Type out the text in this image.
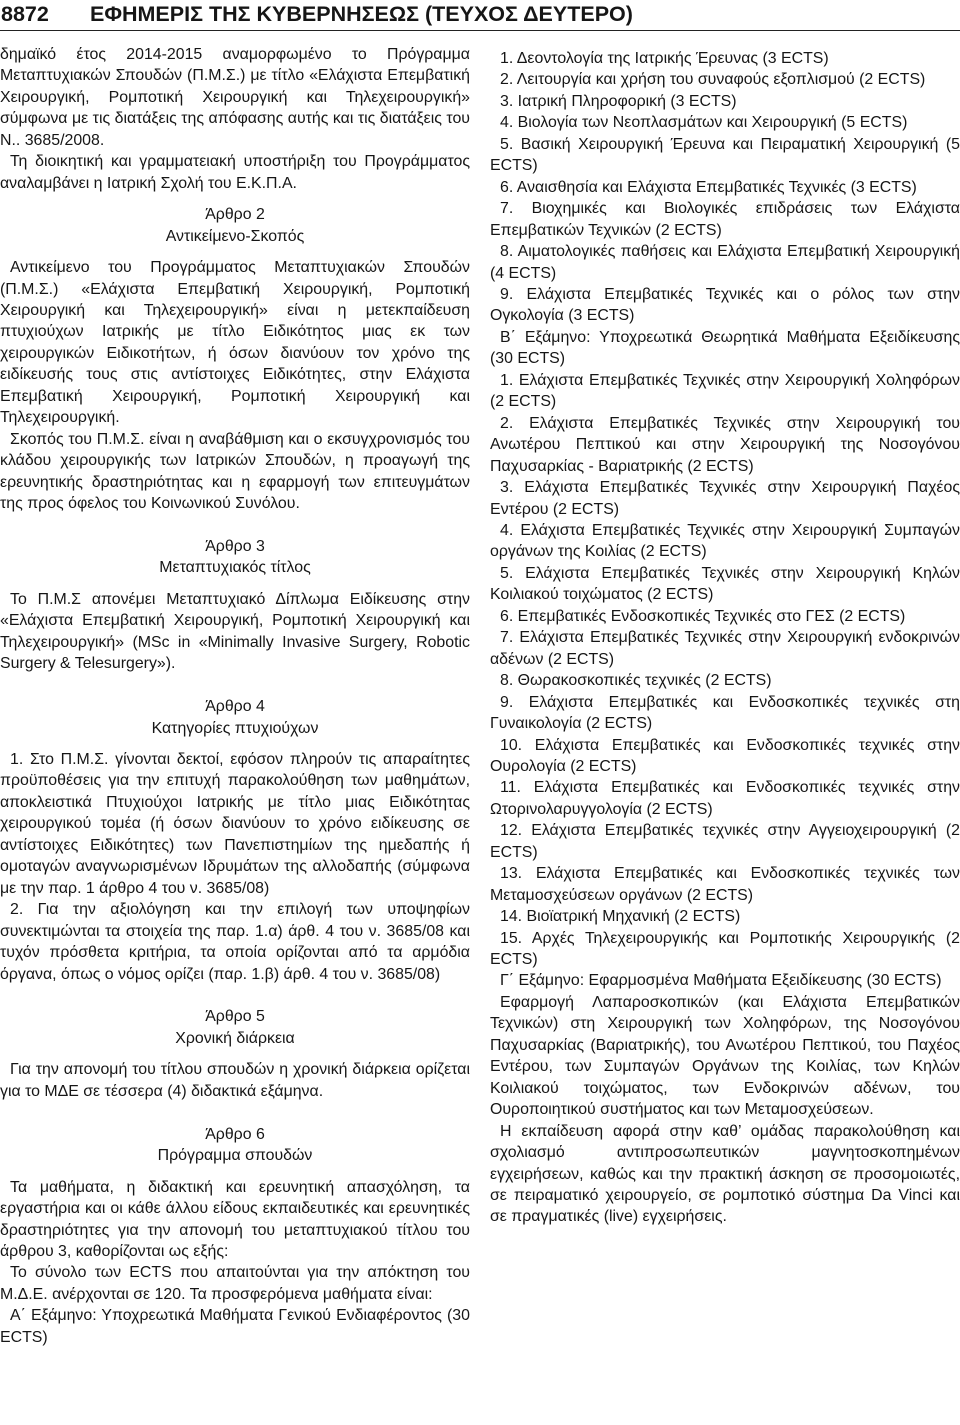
8872 ΕΦΗΜΕΡΙΣ ΤΗΣ ΚΥΒΕΡΝΗΣΕΩΣ (ΤΕΥΧΟΣ ΔΕΥΤΕΡΟ)

δημαϊκό έτος 2014-2015 αναμορφωμένο το Πρόγραμμα Μεταπτυχιακών Σπουδών (Π.Μ.Σ.) με τίτλο «Ελάχιστα Επεμβατική Χειρουργική, Ρομποτική Χειρουργική και Τηλεχειρουργική» σύμφωνα με τις διατάξεις της απόφασης αυτής και τις διατάξεις του Ν.. 3685/2008.

Τη διοικητική και γραμματειακή υποστήριξη του Προγράμματος αναλαμβάνει η Ιατρική Σχολή του Ε.Κ.Π.Α.

Άρθρο 2

Αντικείμενο-Σκοπός

Αντικείμενο του Προγράμματος Μεταπτυχιακών Σπουδών (Π.Μ.Σ.) «Ελάχιστα Επεμβατική Χειρουργική, Ρομποτική Χειρουργική και Τηλεχειρουργική» είναι η μετεκπαίδευση πτυχιούχων Ιατρικής με τίτλο Ειδικότητος μιας εκ των χειρουργικών Ειδικοτήτων, ή όσων διανύουν τον χρόνο της ειδίκευσής τους στις αντίστοιχες Ειδικότητες, στην Ελάχιστα Επεμβατική Χειρουργική, Ρομποτική Χειρουργική και Τηλεχειρουργική.

Σκοπός του Π.Μ.Σ. είναι η αναβάθμιση και ο εκσυγχρονισμός του κλάδου χειρουργικής των Ιατρικών Σπουδών, η προαγωγή της ερευνητικής δραστηριότητας και η εφαρμογή των επιτευγμάτων της προς όφελος του Κοινωνικού Συνόλου.

Άρθρο 3

Μεταπτυχιακός τίτλος

Το Π.Μ.Σ απονέμει Μεταπτυχιακό Δίπλωμα Ειδίκευσης στην «Ελάχιστα Επεμβατική Χειρουργική, Ρομποτική Χειρουργική και Τηλεχειρουργική» (MSc in «Minimally Invasive Surgery, Robotic Surgery & Telesurgery»).

Άρθρο 4

Κατηγορίες πτυχιούχων

1. Στο Π.Μ.Σ. γίνονται δεκτοί, εφόσον πληρούν τις απαραίτητες προϋποθέσεις για την επιτυχή παρακολούθηση των μαθημάτων, αποκλειστικά Πτυχιούχοι Ιατρικής με τίτλο μιας Ειδικότητας χειρουργικού τομέα (ή όσων διανύουν το χρόνο ειδίκευσης σε αντίστοιχες Ειδικότητες) των Πανεπιστημίων της ημεδαπής ή ομοταγών αναγνωρισμένων Ιδρυμάτων της αλλοδαπής (σύμφωνα με την παρ. 1 άρθρο 4 του ν. 3685/08)

2. Για την αξιολόγηση και την επιλογή των υποψηφίων συνεκτιμώνται τα στοιχεία της παρ. 1.α) άρθ. 4 του ν. 3685/08 και τυχόν πρόσθετα κριτήρια, τα οποία ορίζονται από τα αρμόδια όργανα, όπως ο νόμος ορίζει (παρ. 1.β) άρθ. 4 του ν. 3685/08)

Άρθρο 5

Χρονική διάρκεια

Για την απονομή του τίτλου σπουδών η χρονική διάρκεια ορίζεται για το ΜΔΕ σε τέσσερα (4) διδακτικά εξάμηνα.

Άρθρο 6

Πρόγραμμα σπουδών

Τα μαθήματα, η διδακτική και ερευνητική απασχόληση, τα εργαστήρια και οι κάθε άλλου είδους εκπαιδευτικές και ερευνητικές δραστηριότητες για την απονομή του μεταπτυχιακού τίτλου του άρθρου 3, καθορίζονται ως εξής:

Το σύνολο των ECTS που απαιτούνται για την απόκτηση του Μ.Δ.Ε. ανέρχονται σε 120. Τα προσφερόμενα μαθήματα είναι:

Α΄ Εξάμηνο: Υποχρεωτικά Μαθήματα Γενικού Ενδιαφέροντος (30 ECTS)

1. Δεοντολογία της Ιατρικής Έρευνας (3 ECTS)

2. Λειτουργία και χρήση του συναφούς εξοπλισμού (2 ECTS)

3. Ιατρική Πληροφορική (3 ECTS)

4. Βιολογία των Νεοπλασμάτων και Χειρουργική (5 ECTS)

5. Βασική Χειρουργική Έρευνα και Πειραματική Χειρουργική (5 ECTS)

6. Αναισθησία και Ελάχιστα Επεμβατικές Τεχνικές (3 ECTS)

7. Βιοχημικές και Βιολογικές επιδράσεις των Ελάχιστα Επεμβατικών Τεχνικών (2 ECTS)

8. Αιματολογικές παθήσεις και Ελάχιστα Επεμβατική Χειρουργική (4 ECTS)

9. Ελάχιστα Επεμβατικές Τεχνικές και ο ρόλος των στην Ογκολογία (3 ECTS)

Β΄ Εξάμηνο: Υποχρεωτικά Θεωρητικά Μαθήματα Εξειδίκευσης (30 ECTS)

1. Ελάχιστα Επεμβατικές Τεχνικές στην Χειρουργική Χοληφόρων (2 ECTS)

2. Ελάχιστα Επεμβατικές Τεχνικές στην Χειρουργική του Ανωτέρου Πεπτικού και στην Χειρουργική της Νοσογόνου Παχυσαρκίας - Βαριατρικής (2 ECTS)

3. Ελάχιστα Επεμβατικές Τεχνικές στην Χειρουργική Παχέος Εντέρου (2 ECTS)

4. Ελάχιστα Επεμβατικές Τεχνικές στην Χειρουργική Συμπαγών οργάνων της Κοιλίας (2 ECTS)

5. Ελάχιστα Επεμβατικές Τεχνικές στην Χειρουργική Κηλών Κοιλιακού τοιχώματος (2 ECTS)

6. Επεμβατικές Ενδοσκοπικές Τεχνικές στο ΓΕΣ (2 ECTS)

7. Ελάχιστα Επεμβατικές Τεχνικές στην Χειρουργική ενδοκρινών αδένων (2 ECTS)

8. Θωρακοσκοπικές τεχνικές (2 ECTS)

9. Ελάχιστα Επεμβατικές και Ενδοσκοπικές τεχνικές στη Γυναικολογία (2 ECTS)

10. Ελάχιστα Επεμβατικές και Ενδοσκοπικές τεχνικές στην Ουρολογία (2 ECTS)

11. Ελάχιστα Επεμβατικές και Ενδοσκοπικές τεχνικές στην Ωτορινολαρυγγολογία (2 ECTS)

12. Ελάχιστα Επεμβατικές τεχνικές στην Αγγειοχειρουργική (2 ECTS)

13. Ελάχιστα Επεμβατικές και Ενδοσκοπικές τεχνικές των Μεταμοσχεύσεων οργάνων (2 ECTS)

14. Βιοϊατρική Μηχανική (2 ECTS)

15. Αρχές Τηλεχειρουργικής και Ρομποτικής Χειρουργικής (2 ECTS)

Γ΄ Εξάμηνο: Εφαρμοσμένα Μαθήματα Εξειδίκευσης (30 ECTS)

Εφαρμογή Λαπαροσκοπικών (και Ελάχιστα Επεμβατικών Τεχνικών) στη Χειρουργική των Χοληφόρων, της Νοσογόνου Παχυσαρκίας (Βαριατρικής), του Ανωτέρου Πεπτικού, του Παχέος Εντέρου, των Συμπαγών Οργάνων της Κοιλίας, των Κηλών Κοιλιακού τοιχώματος, των Ενδοκρινών αδένων, του Ουροποιητικού συστήματος και των Μεταμοσχεύσεων.

Η εκπαίδευση αφορά στην καθ’ ομάδας παρακολούθηση και σχολιασμό αντιπροσωπευτικών μαγνητοσκοπημένων εγχειρήσεων, καθώς και την πρακτική άσκηση σε προσομοιωτές, σε πειραματικό χειρουργείο, σε ρομποτικό σύστημα Da Vinci και σε πραγματικές (live) εγχειρήσεις.
